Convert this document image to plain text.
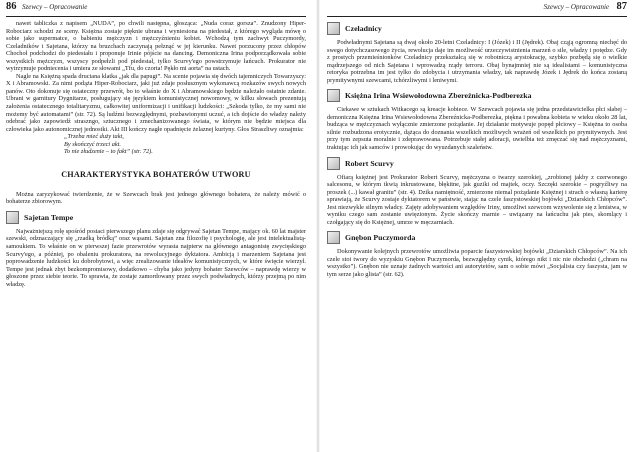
86 Szewcy – Opracowanie

nawet tabliczka z napisem „NUDA”, po chwili następna, głosząca: „Nuda coraz gorsza”. Znudzony Hiper-Robociarz schodzi ze sceny. Księżna zostaje pięknie ubrana i wyniesiona na piedestał, z którego wygląda mówę o sobie jako supermatce, o babieniu mężczyzn i mężczyźnieniu kobiet. Wchodzą tym zachwyt Puczymordy, Czeladników i Sajetana, którzy na bruzchach zaczynają pełznąć w jej kierunku. Nawet porzucony przez chłopów Chochoł podchodzi do piedestału i proponuje Irinie pójście na dancing. Demoniczna Irina podporządkowała sobie wszystkich mężczyzn, wszyscy podpełzli pod piedestał, tylko Scurvy'ego powstrzymuje łańcuch. Prokurator nie wytrzymuje podniecenia i umiera ze słowami „Tfu, do czorta! Pękło mi aorta” na ustach.

Nagle na Księżną spada druciana klatka „jak dla papugi”. Na scenie pojawia się dwóch tajemniczych Towarzyszy: X i Abramowski. Za nimi podąża Hiper-Robociarz, jaki już zdaje posłusznym wykonawcą rozkazów swych nowych panów. Oto dokonuje się ostateczny przewrót, bo to właśnie do X i Abramowskiego będzie należało ostatnie zdanie. Ubrani w garnitury Dygnitarze, posługujący się językiem komunistycznej nowomowy, w kilku słowach prezentują założenia ostatecznego totalitaryzmu, całkowitej uniformizacji i unifikacji ludzkości: „Szkoda tylko, że my sami nie możemy być automatami” (str. 72). Są ludźmi bezwzględnymi, pozbawionymi uczuć, a ich dojście do władzy należy odebrać jako zapowiedź straszngo, sztucznego i zmechanizowanego świata, w którym nie będzie miejsca dla człowieka jako autonomicznej jednostki. Akt III kończy nagłe opadnięcie żelaznej kurtyny. Głos Straszliwy oznajmia:

„Trzeba mieć duży takt,
By skończyć trzeci akt.
To nie złudzenie – to fakt” (str. 72).
CHARAKTERYSTYKA BOHATERÓW UTWORU

Można zaryzykować twierdzenie, że w Szewcach brak jest jednego głównego bohatera, że należy mówić o bohaterze zbiorowym.

Sajetan Tempe

Najważniejszą rolę spośród postaci pierwszego planu zdaje się odgrywać Sajetan Tempe, mający ok. 60 lat majster szewski, odznaczający się „rzadką bródką” oraz wąsami. Sajetan zna filozofię i psychologię, ale jest intelektualistą-samoukiem. To właśnie on w pierwszej fazie przewrotów wyrasta najpierw na głównego antagonistę zwycięskiego Scurvy'ego, a później, po obaleniu prokuratora, na rewolucyjnego dyktatora. Ambicją i marzeniem Sajetana jest poprowadzenie ludzkości ku dobrobytowi, a więc zrealizowanie ideałów komunistycznych, w które święcie wierzył. Tempe jest jednak zbyt bezkompromisowy, dodatkowo – chyba jako jedyny bohater Szewców – naprawdę wierzy w głoszone przez siebie teorie. To sprawia, że zostaje zamordowany przez swych podwładnych, którzy przejmą po nim władzę.

Szewcy – Opracowanie 87
Czeladnicy

Podwładnymi Sajetana są dwaj około 20-letni Czeladnicy: I (Józek) i II (Jędrek). Obaj cząją ogromną niechęć do swego dotychczasowego życia, rewolucja daje im możliwość urzeczywistnienia marzeń o sile, władzy i potędze. Gdy z prostych przemieśnionków Czeladnicy przekształcą się w robotniczą arystokrację, szybko pozbędą się o wielkie mądrzejszego od nich Sajetana i wprowadzą rządy terroru. Obaj bynajmniej nie są idealistami – komunistyczna retoryka potrzebna im jest tylko do zdobycia i utrzymania władzy, tak naprawdę Józek i Jędrek do końca zostaną prymitywnymi szewcami, tchórzliwymi i leniwymi.

Księżna Irina Wsiewołodowna Zbereźnicka-Podberezka

Ciekawe w sztukach Witkacego są kreacje kobiece. W Szewcach pojawia się jedna przedstawicielka płci słabej – demoniczna Księżna Irina Wsiewołodowna Zbereźnicka-Podberezka, piękna i powabna kobieta w wieku około 28 lat, budząca w mężczyznach wyłącznie zmierzone pożądanie. Jej działanie motywuje popęd płciowy – Księżna to osoba silnie rozbudzona erotycznie, dążąca do doznania wszelkich możliwych wrażeń od wszelkich po prymitywnych. Jest przy tym zepsuta moralnie i zdeprawowana. Potrzebuje stałej adoracji, uwielbia też zmęczać się nad mężczyznami, traktując ich jak samców i prowokując do wyuzdanych szaleństw.

Robert Scurvy

Ofiarą księżnej jest Prokurator Robert Scurvy, mężczyzna o twarzy szerokiej, „zrobionej jakby z czerwonego salcesonu, w którym tkwią inkrustowane, błękitne, jak guziki od majtek, oczy. Szczęki szerokie – pogryźliwy na proszek (...) kawał granitu” (str. 4). Dzika namiętność, zmierzone niemal pożądanie Księżnej i strach o własną karierę sprawiają, że Scurvy zostaje dyktatorem w państwie, stając na czele faszystowskiej bojówki „Dziarskich Chłopców”. Jest niezwykle silnym władcy. Zajęty adobywaniem względów Iriny, umożliwi szewcom wzywolenie się z lenistwa, w wyniku czego sam zostanie uwięzionym. Życie skończy marnie – uwiązany na łańcuchu jak pies, skomlący i czołgający się do Księżnej, umrze w męczarniach.

Gnębon Puczymorda

Dokonywanie kolejnych przewrotów umożliwia poparcie faszystowskiej bojówki „Dziarskich Chłopców”. Na ich czele stoi twory do wyzyskiu Gnębon Puczymorda, bezwzględny cynik, którego nikt i nic nie obchodzi („chram na wszystko”). Gnębon nie uznaje żadnych wartości ani autorytetów, sam o sobie mówi „Socjalista czy faszysta, jam w tym serze jako glista” (str. 62).
